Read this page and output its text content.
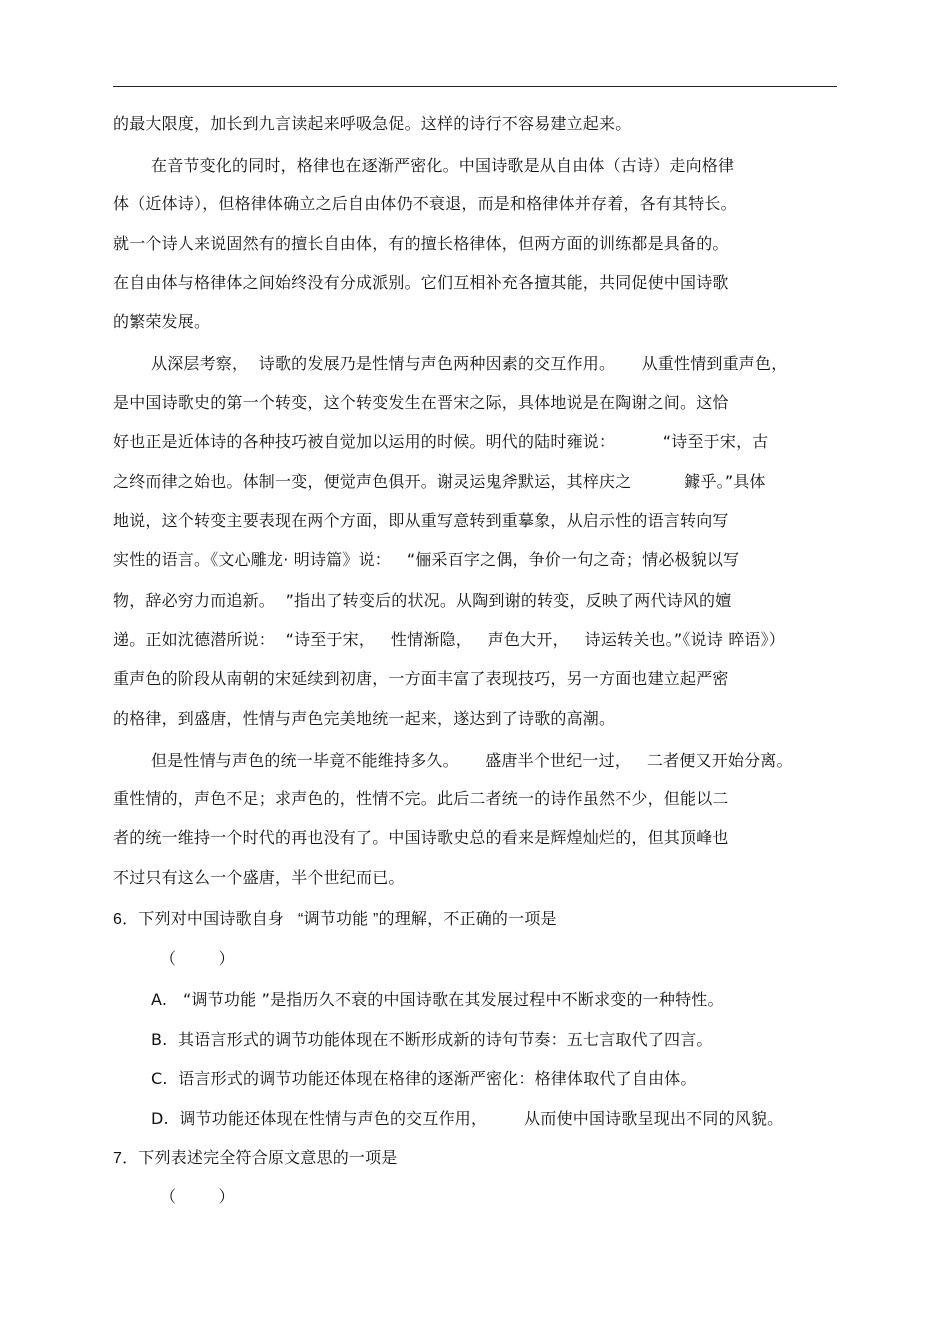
的最大限度，加长到九言读起来呼吸急促。这样的诗行不容易建立起来。
在音节变化的同时，格律也在逐渐严密化。中国诗歌是从自由体（古诗）走向格律
体（近体诗），但格律体确立之后自由体仍不衰退，而是和格律体并存着，各有其特长。
就一个诗人来说固然有的擅长自由体，有的擅长格律体，但两方面的训练都是具备的。
在自由体与格律体之间始终没有分成派别。它们互相补充各擅其能，共同促使中国诗歌
的繁荣发展。
从深层考察，  诗歌的发展乃是性情与声色两种因素的交互作用。     从重性情到重声色，
是中国诗歌史的第一个转变，这个转变发生在晋宋之际，具体地说是在陶谢之间。这恰
好也正是近体诗的各种技巧被自觉加以运用的时候。明代的陆时雍说：         “诗至于宋，古
之终而律之始也。体制一变，便觉声色俱开。谢灵运鬼斧默运，其梓庆之          鐻乎。”具体
地说，这个转变主要表现在两个方面，即从重写意转到重摹象，从启示性的语言转向写
实性的语言。《文心雕龙· 明诗篇》说：   “俪采百字之偶，争价一句之奇；情必极貌以写
物，辞必穷力而追新。  ”指出了转变后的状况。从陶到谢的转变，反映了两代诗风的嬗
递。正如沈德潜所说：  “诗至于宋，   性情渐隐，   声色大开，   诗运转关也。”《说诗 晬语》）
重声色的阶段从南朝的宋延续到初唐，一方面丰富了表现技巧，另一方面也建立起严密
的格律，到盛唐，性情与声色完美地统一起来，遂达到了诗歌的高潮。
但是性情与声色的统一毕竟不能维持多久。     盛唐半个世纪一过，   二者便又开始分离。
重性情的，声色不足；求声色的，性情不完。此后二者统一的诗作虽然不少，但能以二
者的统一维持一个时代的再也没有了。中国诗歌史总的看来是辉煌灿烂的，但其顶峰也
不过只有这么一个盛唐，半个世纪而已。
6．下列对中国诗歌自身   “调节功能 ”的理解，不正确的一项是
（        ）
A.   “调节功能 ”是指历久不衰的中国诗歌在其发展过程中不断求变的一种特性。
B.  其语言形式的调节功能体现在不断形成新的诗句节奏：五七言取代了四言。
C.  语言形式的调节功能还体现在格律的逐渐严密化：格律体取代了自由体。
D.  调节功能还体现在性情与声色的交互作用，       从而使中国诗歌呈现出不同的风貌。
7．下列表述完全符合原文意思的一项是
（        ）
